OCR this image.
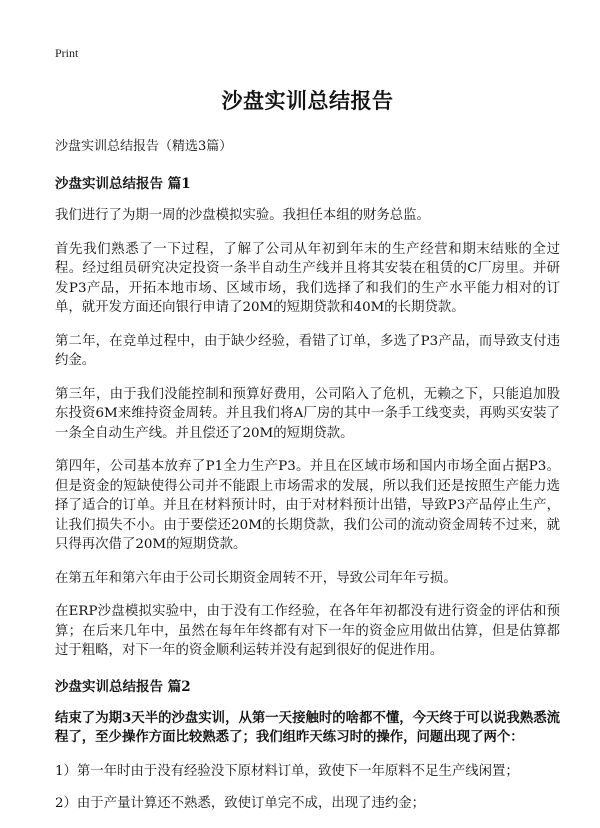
Print
沙盘实训总结报告
沙盘实训总结报告（精选3篇）
沙盘实训总结报告 篇1

我们进行了为期一周的沙盘模拟实验。我担任本组的财务总监。

首先我们熟悉了一下过程，了解了公司从年初到年末的生产经营和期末结账的全过程。经过组员研究决定投资一条半自动生产线并且将其安装在租赁的C厂房里。并研发P3产品，开拓本地市场、区域市场，我们选择了和我们的生产水平能力相对的订单，就开发方面还向银行申请了20M的短期贷款和40M的长期贷款。

第二年，在竞单过程中，由于缺少经验，看错了订单，多选了P3产品，而导致支付违约金。

第三年，由于我们没能控制和预算好费用，公司陷入了危机，无赖之下，只能追加股东投资6M来维持资金周转。并且我们将A厂房的其中一条手工线变卖，再购买安装了一条全自动生产线。并且偿还了20M的短期贷款。

第四年，公司基本放弃了P1全力生产P3。并且在区域市场和国内市场全面占据P3。但是资金的短缺使得公司并不能跟上市场需求的发展，所以我们还是按照生产能力选择了适合的订单。并且在材料预计时，由于对材料预计出错，导致P3产品停止生产，让我们损失不小。由于要偿还20M的长期贷款，我们公司的流动资金周转不过来，就只得再次借了20M的短期贷款。

在第五年和第六年由于公司长期资金周转不开，导致公司年年亏损。

在ERP沙盘模拟实验中，由于没有工作经验，在各年年初都没有进行资金的评估和预算；在后来几年中，虽然在每年年终都有对下一年的资金应用做出估算，但是估算都过于粗略，对下一年的资金顺利运转并没有起到很好的促进作用。

沙盘实训总结报告 篇2

结束了为期3天半的沙盘实训，从第一天接触时的啥都不懂，今天终于可以说我熟悉流程了，至少操作方面比较熟悉了；我们组昨天练习时的操作，问题出现了两个：

1）第一年时由于没有经验没下原材料订单，致使下一年原料不足生产线闲置；

2）由于产量计算还不熟悉，致使订单完不成，出现了违约金；
